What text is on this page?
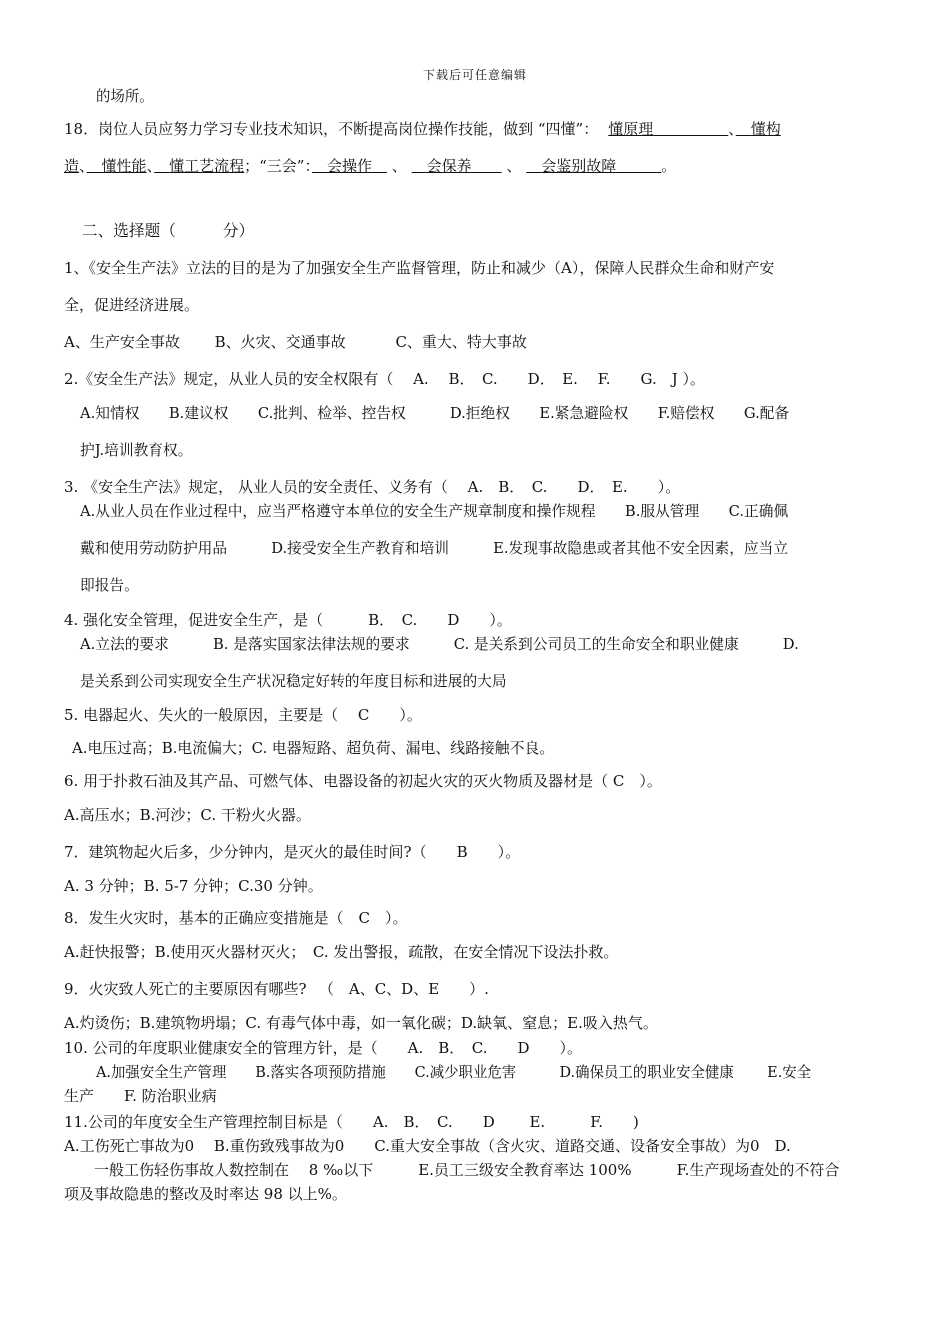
下载后可任意编辑
的场所。
18．岗位人员应努力学习专业技术知识，不断提高岗位操作技能，做到 “四懂”： 懂原理　　　　　	、　 懂构
造、　 懂性能、　 懂工艺流程；“三会”：　 会操作　 、 　 会保养　　 、 　 会鉴别故障　　　	。
二、选择题（　　　	分）
1、《安全生产法》立法的目的是为了加强安全生产监督管理，防止和减少（A），保障人民群众生命和财产安
全，促进经济进展。
A、生产安全事故　　 B、火灾、交通事故　　　	C、重大、特大事故
2.《安全生产法》规定，从业人员的安全权限有（　 A.　 B．　C.　　D．　E.　 F.　　G.　J ）。
A.知情权　　B.建议权　　C.批判、检举、控告权　　　D.拒绝权　　E.紧急避险权　　F.赔偿权　　G.配备
护J.培训教育权。
3. 《安全生产法》规定， 从业人员的安全责任、义务有（　 A.　B．　C.　　D．　E.　　）。
A.从业人员在作业过程中，应当严格遵守本单位的安全生产规章制度和操作规程　　B.服从管理　　C.正确佩
戴和使用劳动防护用品　　　D.接受安全生产教育和培训　　　E.发现事故隐患或者其他不安全因素，应当立
即报告。
4. 强化安全管理，促进安全生产，是（　　　B．　C.　　D　　）。
A.立法的要求　　　B. 是落实国家法律法规的要求　　　C. 是关系到公司员工的生命安全和职业健康　　　D.
是关系到公司实现安全生产状况稳定好转的年度目标和进展的大局
5. 电器起火、失火的一般原因，主要是（　 C　　）。
A.电压过高；B.电流偏大；C. 电器短路、超负荷、漏电、线路接触不良。
6. 用于扑救石油及其产品、可燃气体、电器设备的初起火灾的灭火物质及器材是（ C　）。
A.高压水；B.河沙；C. 干粉火火器。
7．建筑物起火后多，少分钟内，是灭火的最佳时间?（　　B　　）。
A. 3 分钟；B. 5-7 分钟；C.30 分钟。
8．发生火灾时，基本的正确应变措施是（　C　）。
A.赶快报警；B.使用灭火器材灭火；　C. 发出警报，疏散，在安全情况下设法扑救。
9．火灾致人死亡的主要原因有哪些? 　（　A、C、D、E　　）.
A.灼烫伤；B.建筑物坍塌；C. 有毒气体中毒，如一氧化碳；D.缺氧、窒息；E.吸入热气。
10. 公司的年度职业健康安全的管理方针，是（　　A.　B．　C.　　D　　）。
A.加强安全生产管理　　B.落实各项预防措施　　C.减少职业危害　　　D.确保员工的职业安全健康　　 E.安全
生产　　F. 防治职业病
11.公司的年度安全生产管理控制目标是（　　A.　B．　C.　　D　　 E.　　　F.　　)
A.工伤死亡事故为0　 B.重伤致残事故为0　　C.重大安全事故（含火灾、道路交通、设备安全事故）为0　D.
　　一般工伤轻伤事故人数控制在　 8 ‰以下　　　E.员工三级安全教育率达 100%　　　F.生产现场查处的不符合
项及事故隐患的整改及时率达 98 以上%。
